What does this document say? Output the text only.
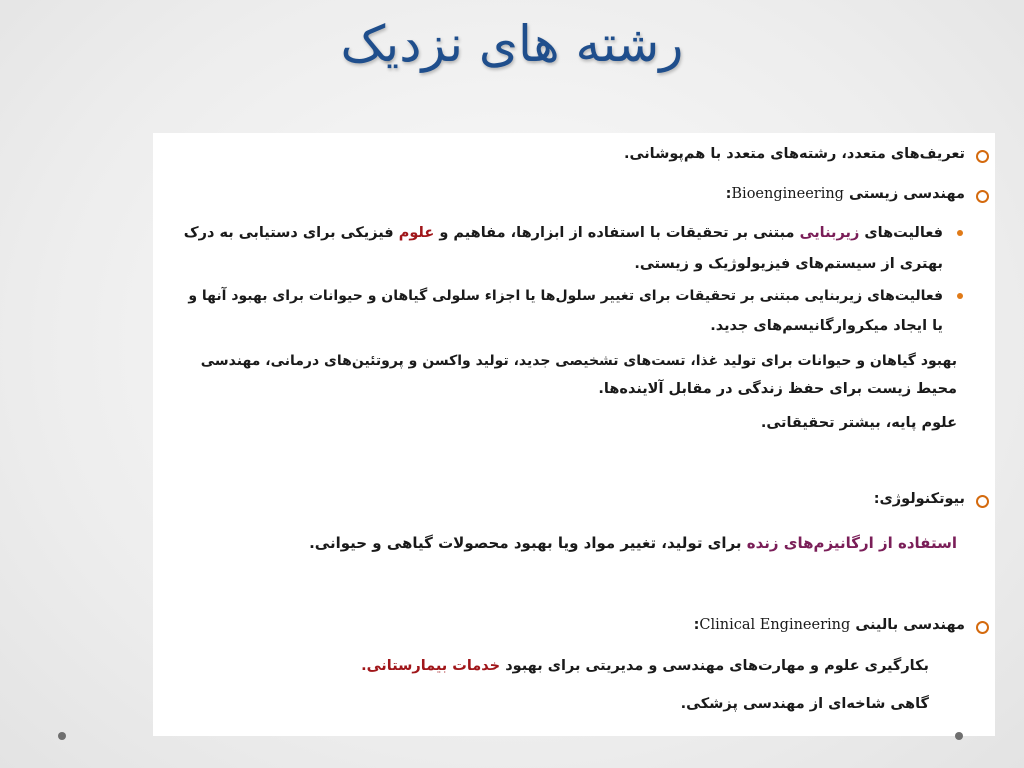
رشته های نزدیک
تعریف‌های متعدد، رشته‌های متعدد با هم‌پوشانی.
مهندسی زیستی Bioengineering:
فعالیت‌های زیربنایی مبتنی بر تحقیقات با استفاده از ابزارها، مفاهیم و علوم فیزیکی برای دستیابی به درک
بهتری از سیستم‌های فیزیولوژیک و زیستی.
فعالیت‌های زیربنایی مبتنی بر تحقیقات برای تغییر سلول‌ها یا اجزاء سلولی گیاهان و حیوانات برای بهبود آنها و
یا ایجاد میکروارگانیسم‌های جدید.
بهبود گیاهان و حیوانات برای تولید غذا، تست‌های تشخیصی جدید، تولید واکسن و پروتئین‌های درمانی، مهندسی
محیط زیست برای حفظ زندگی در مقابل آلاینده‌ها.
علوم پایه، بیشتر تحقیقاتی.
بیوتکنولوژی:
استفاده از ارگانیزم‌های زنده برای تولید، تغییر مواد ویا بهبود محصولات گیاهی و حیوانی.
مهندسی بالینی Clinical Engineering:
بکارگیری علوم و مهارت‌های مهندسی و مدیریتی برای بهبود خدمات بیمارستانی.
گاهی شاخه‌ای از مهندسی پزشکی.
